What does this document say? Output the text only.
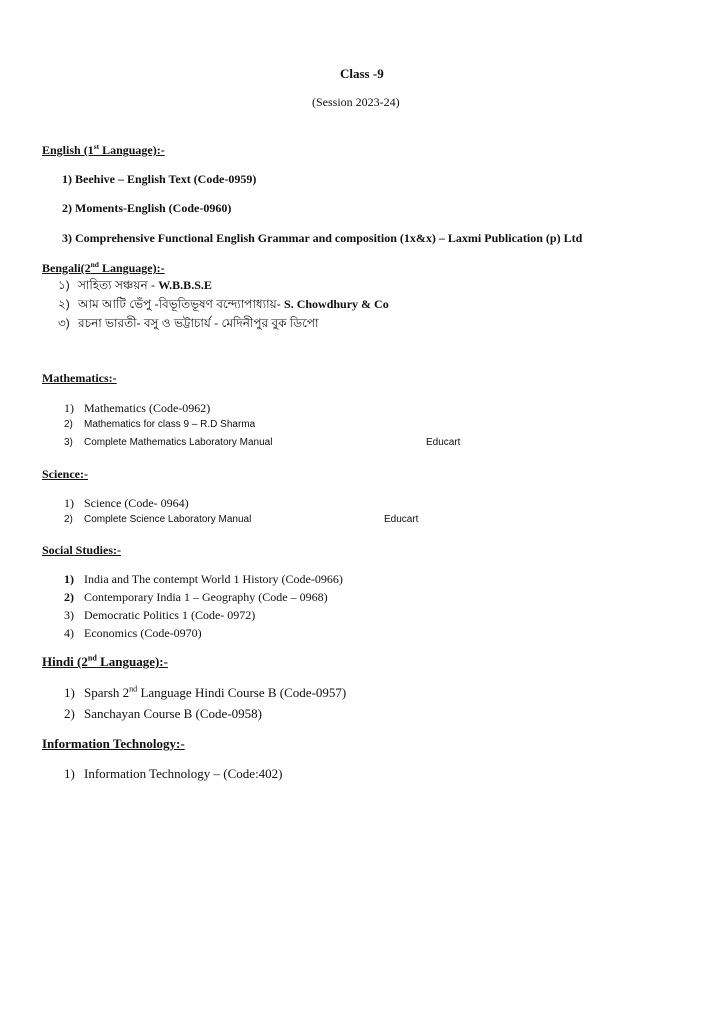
Class -9
(Session 2023-24)
English (1st Language):-
1) Beehive – English Text (Code-0959)
2) Moments-English (Code-0960)
3) Comprehensive Functional English Grammar and composition (1x&x) – Laxmi Publication (p) Ltd
Bengali(2nd Language):-
১) সাহিত্য সঞ্চয়ন - W.B.B.S.E
২) আম আটি ভেঁপু -বিভূতিভূষণ বন্দ্যোপাধ্যায়- S. Chowdhury & Co
৩) রচনা ভারতী- বসু ও ভট্টাচার্য - মেদিনীপুর বুক ডিপো
Mathematics:-
1) Mathematics (Code-0962)
2) Mathematics for class 9 – R.D Sharma
3) Complete Mathematics Laboratory Manual	Educart
Science:-
1) Science (Code- 0964)
2) Complete Science Laboratory Manual	Educart
Social Studies:-
1) India and The contempt World 1 History (Code-0966)
2) Contemporary India 1 – Geography (Code – 0968)
3) Democratic Politics 1 (Code- 0972)
4) Economics (Code-0970)
Hindi (2nd Language):-
1) Sparsh 2nd Language Hindi Course B (Code-0957)
2) Sanchayan Course B (Code-0958)
Information Technology:-
1) Information Technology – (Code:402)
